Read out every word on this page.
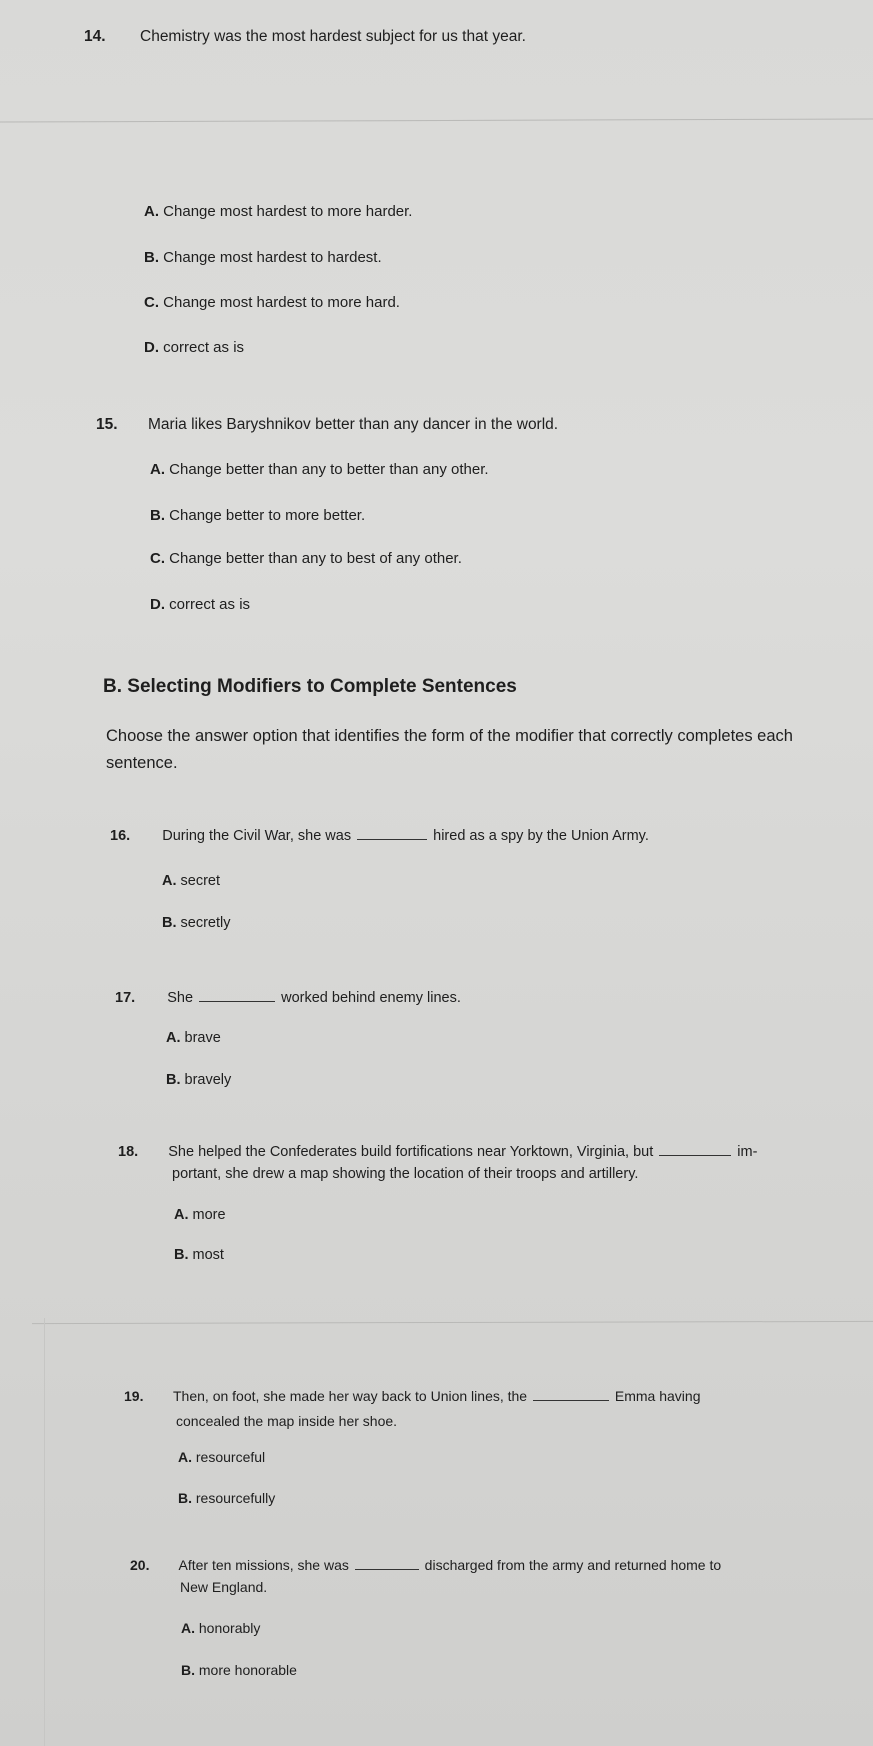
14. Chemistry was the most hardest subject for us that year.
A. Change most hardest to more harder.
B. Change most hardest to hardest.
C. Change most hardest to more hard.
D. correct as is
15. Maria likes Baryshnikov better than any dancer in the world.
A. Change better than any to better than any other.
B. Change better to more better.
C. Change better than any to best of any other.
D. correct as is
B. Selecting Modifiers to Complete Sentences
Choose the answer option that identifies the form of the modifier that correctly completes each sentence.
16. During the Civil War, she was	hired as a spy by the Union Army.
A. secret
B. secretly
17. She	worked behind enemy lines.
A. brave
B. bravely
18. She helped the Confederates build fortifications near Yorktown, Virginia, but	im-
portant, she drew a map showing the location of their troops and artillery.
A. more
B. most
19. Then, on foot, she made her way back to Union lines, the	Emma having
concealed the map inside her shoe.
A. resourceful
B. resourcefully
20. After ten missions, she was	discharged from the army and returned home to
New England.
A. honorably
B. more honorable
